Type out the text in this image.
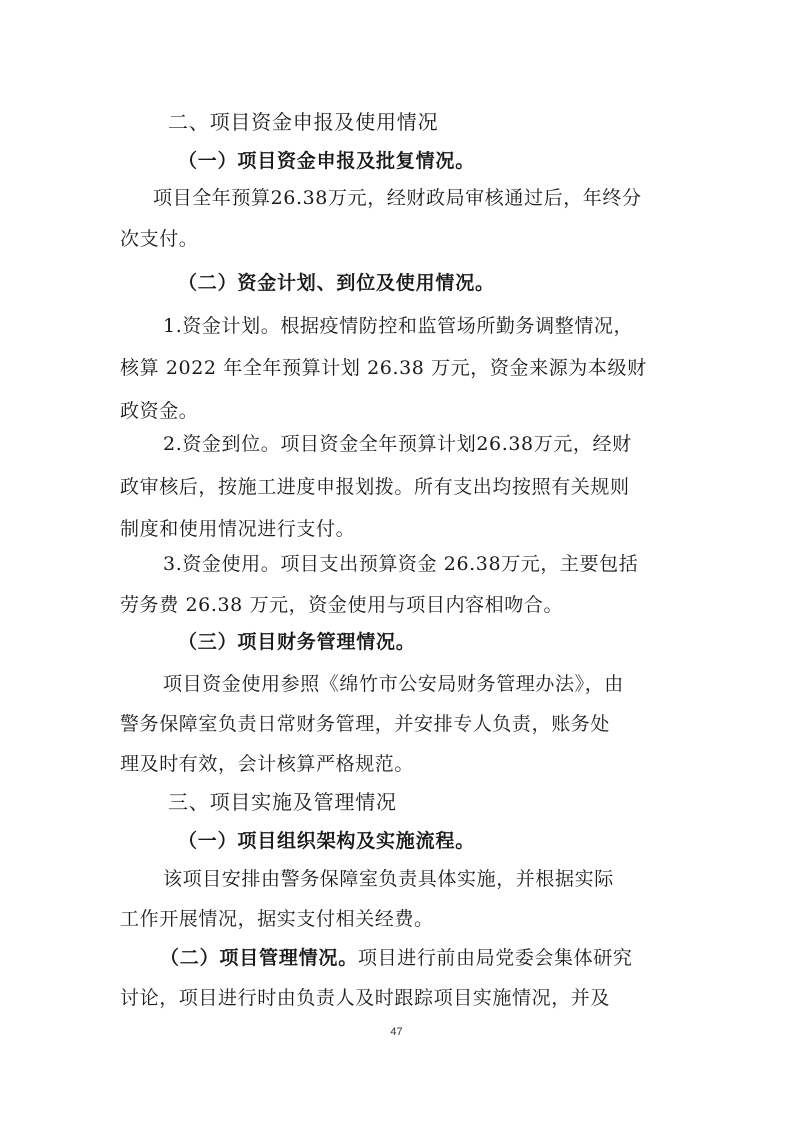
二、项目资金申报及使用情况
（一）项目资金申报及批复情况。
项目全年预算26.38万元，经财政局审核通过后，年终分
次支付。
（二）资金计划、到位及使用情况。
1.资金计划。根据疫情防控和监管场所勤务调整情况，
核算 2022 年全年预算计划 26.38 万元，资金来源为本级财
政资金。
2.资金到位。项目资金全年预算计划26.38万元，经财
政审核后，按施工进度申报划拨。所有支出均按照有关规则
制度和使用情况进行支付。
3.资金使用。项目支出预算资金 26.38万元，主要包括
劳务费 26.38 万元，资金使用与项目内容相吻合。
（三）项目财务管理情况。
项目资金使用参照《绵竹市公安局财务管理办法》，由
警务保障室负责日常财务管理，并安排专人负责，账务处
理及时有效，会计核算严格规范。
三、项目实施及管理情况
（一）项目组织架构及实施流程。
该项目安排由警务保障室负责具体实施，并根据实际
工作开展情况，据实支付相关经费。
（二）项目管理情况。项目进行前由局党委会集体研究
讨论，项目进行时由负责人及时跟踪项目实施情况，并及
47
